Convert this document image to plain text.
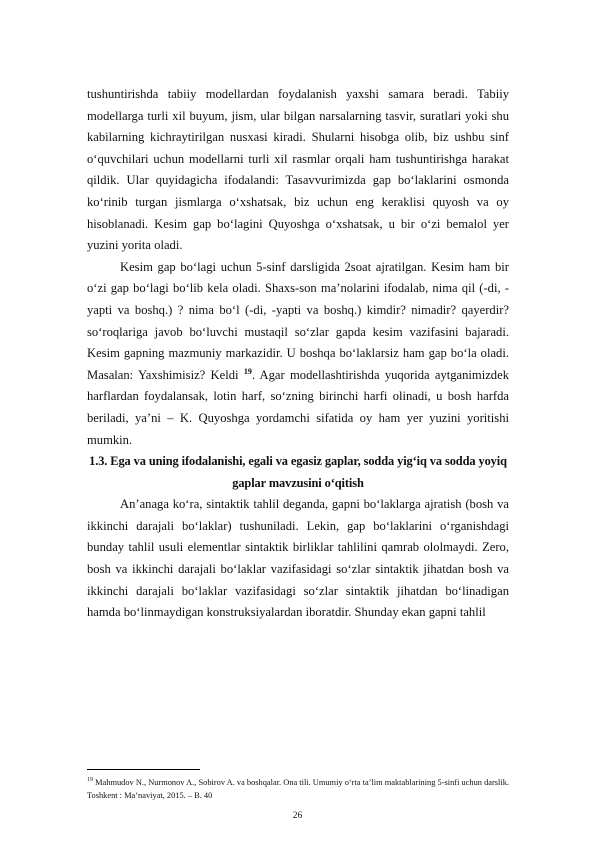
tushuntirishda tabiiy modellardan foydalanish yaxshi samara beradi. Tabiiy modellarga turli xil buyum, jism, ular bilgan narsalarning tasvir, suratlari yoki shu kabilarning kichraytirilgan nusxasi kiradi. Shularni hisobga olib, biz ushbu sinf o‘quvchilari uchun modellarni turli xil rasmlar orqali ham tushuntirishga harakat qildik. Ular quyidagicha ifodalandi: Tasavvurimizda gap bo‘laklarini osmonda ko‘rinib turgan jismlarga o‘xshatsak, biz uchun eng keraklisi quyosh va oy hisoblanadi. Kesim gap bo‘lagini Quyoshga o‘xshatsak, u bir o‘zi bemalol yer yuzini yorita oladi.

Kesim gap bo‘lagi uchun 5-sinf darsligida 2soat ajratilgan. Kesim ham bir o‘zi gap bo‘lagi bo‘lib kela oladi. Shaxs-son ma’nolarini ifodalab, nima qil (-di, -yapti va boshq.) ? nima bo‘l (-di, -yapti va boshq.) kimdir? nimadir? qayerdir? so‘roqlariga javob bo‘luvchi mustaqil so‘zlar gapda kesim vazifasini bajaradi. Kesim gapning mazmuniy markazidir. U boshqa bo‘laklarsiz ham gap bo‘la oladi. Masalan: Yaxshimisiz? Keldi $^{19}$. Agar modellashtirishda yuqorida aytganimizdek harflardan foydalansak, lotin harf, so‘zning birinchi harfi olinadi, u bosh harfda beriladi, ya’ni – K. Quyoshga yordamchi sifatida oy ham yer yuzini yoritishi mumkin.

1.3. Ega va uning ifodalanishi, egali va egasiz gaplar, sodda yig‘iq va sodda yoyiq gaplar mavzusini o‘qitish

An’anaga ko‘ra, sintaktik tahlil deganda, gapni bo‘laklarga ajratish (bosh va ikkinchi darajali bo‘laklar) tushuniladi. Lekin, gap bo‘laklarini o‘rganishdagi bunday tahlil usuli elementlar sintaktik birliklar tahlilini qamrab ololmaydi. Zero, bosh va ikkinchi darajali bo‘laklar vazifasidagi so‘zlar sintaktik jihatdan bosh va ikkinchi darajali bo‘laklar vazifasidagi so‘zlar sintaktik jihatdan bo‘linadigan hamda bo‘linmaydigan konstruksiyalardan iboratdir. Shunday ekan gapni tahlil

$^{19}$ Mahmudov N., Nurmonov A., Sobirov A. va boshqalar. Ona tili. Umumiy o‘rta ta’lim maktablarining 5-sinfi uchun darslik. Toshkent : Ma’naviyat, 2015. – B. 40
26
